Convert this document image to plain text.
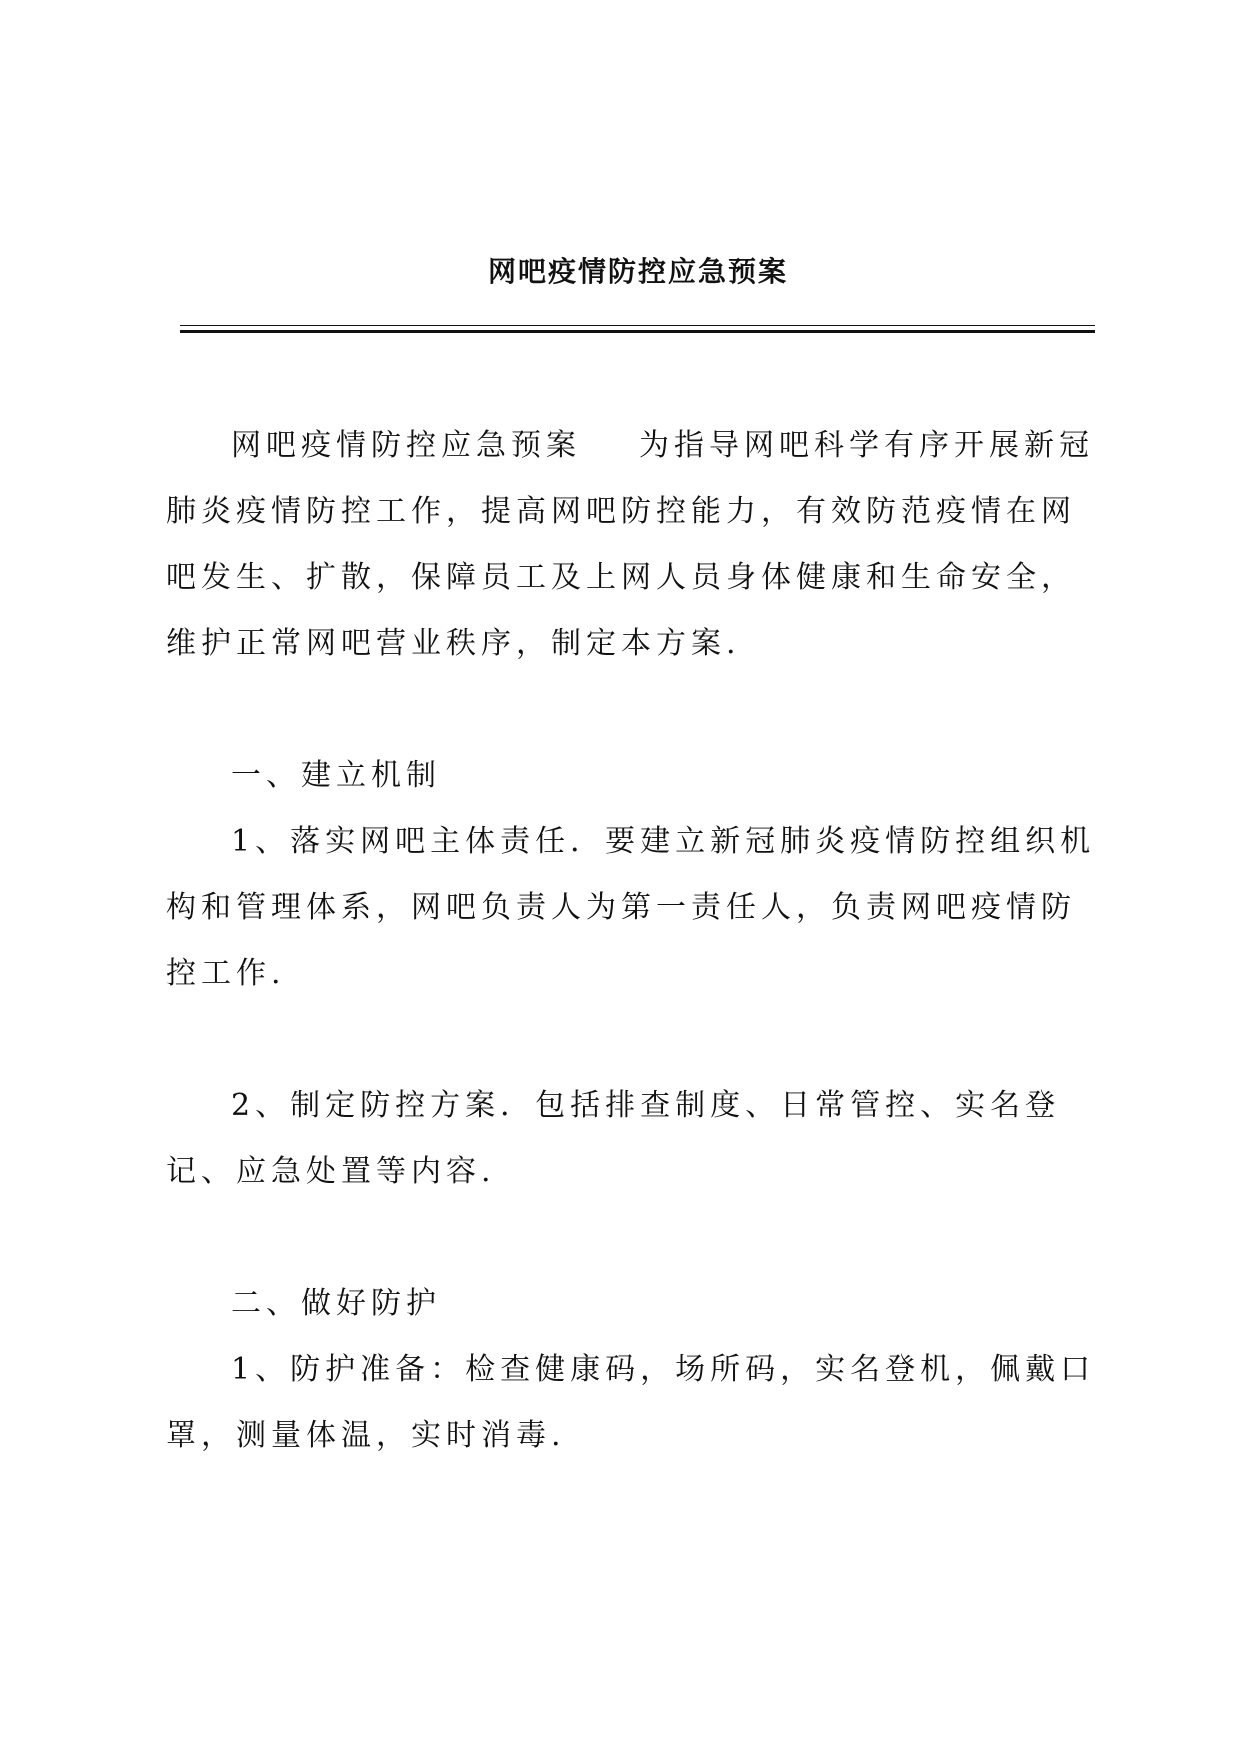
网吧疫情防控应急预案

网吧疫情防控应急预案 为指导网吧科学有序开展新冠肺炎疫情防控工作，提高网吧防控能力，有效防范疫情在网吧发生、扩散，保障员工及上网人员身体健康和生命安全，维护正常网吧营业秩序，制定本方案.

一、建立机制

1、落实网吧主体责任．要建立新冠肺炎疫情防控组织机构和管理体系，网吧负责人为第一责任人，负责网吧疫情防控工作.

2、制定防控方案．包括排查制度、日常管控、实名登记、应急处置等内容.

二、做好防护

1、防护准备：检查健康码，场所码，实名登机，佩戴口罩，测量体温，实时消毒.
